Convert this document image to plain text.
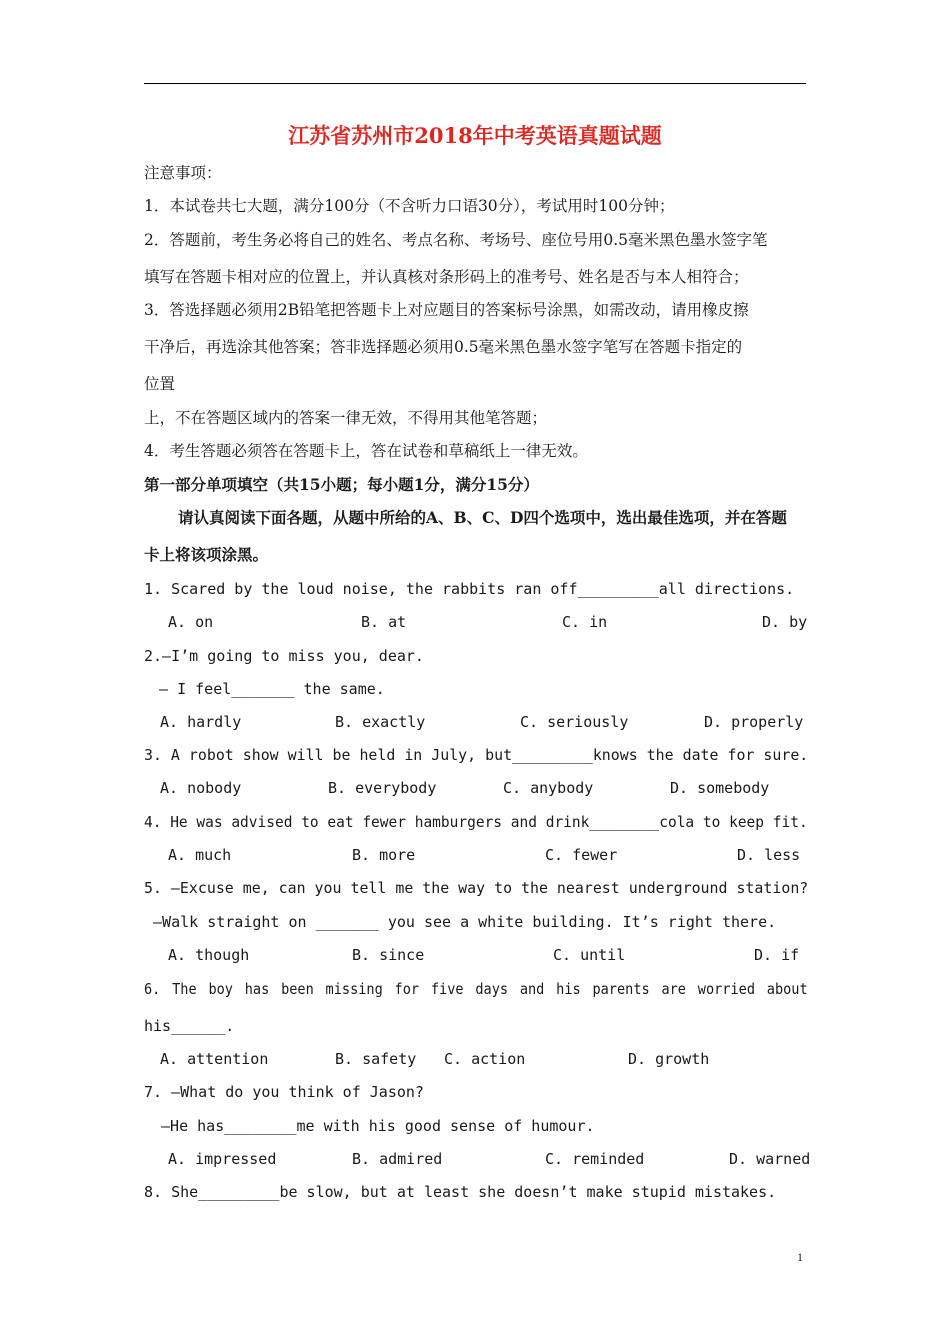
江苏省苏州市2018年中考英语真题试题
注意事项：
1．本试卷共七大题，满分100分（不含听力口语30分），考试用时100分钟；
2．答题前，考生务必将自己的姓名、考点名称、考场号、座位号用0.5毫米黑色墨水签字笔
填写在答题卡相对应的位置上，并认真核对条形码上的准考号、姓名是否与本人相符合；
3．答选择题必须用2B铅笔把答题卡上对应题目的答案标号涂黑，如需改动，请用橡皮擦
干净后，再选涂其他答案；答非选择题必须用0.5毫米黑色墨水签字笔写在答题卡指定的
位置
上，不在答题区域内的答案一律无效，不得用其他笔答题；
4．考生答题必须答在答题卡上，答在试卷和草稿纸上一律无效。
第一部分单项填空（共15小题；每小题1分，满分15分）
请认真阅读下面各题，从题中所给的A、B、C、D四个选项中，选出最佳选项，并在答题
卡上将该项涂黑。
1. Scared by the loud noise, the rabbits ran off_________all directions.
A. on	B. at	C. in	D. by
2.—I’m going to miss you, dear.
— I feel_______ the same.
A. hardly	B. exactly	C. seriously	D. properly
3. A robot show will be held in July, but_________knows the date for sure.
A. nobody	B. everybody	C. anybody	D. somebody
4. He was advised to eat fewer hamburgers and drink________cola to keep fit.
A. much	B. more	C. fewer	D. less
5. —Excuse me, can you tell me the way to the nearest underground station?
—Walk straight on _______ you see a white building. It’s right there.
A. though	B. since	C. until	D. if
6. The boy has been missing for five days and his parents are worried about
his______.
A. attention	B. safety C. action	D. growth
7. —What do you think of Jason?
—He has________me with his good sense of humour.
A. impressed	B. admired	C. reminded	D. warned
8. She_________be slow, but at least she doesn’t make stupid mistakes.
1
